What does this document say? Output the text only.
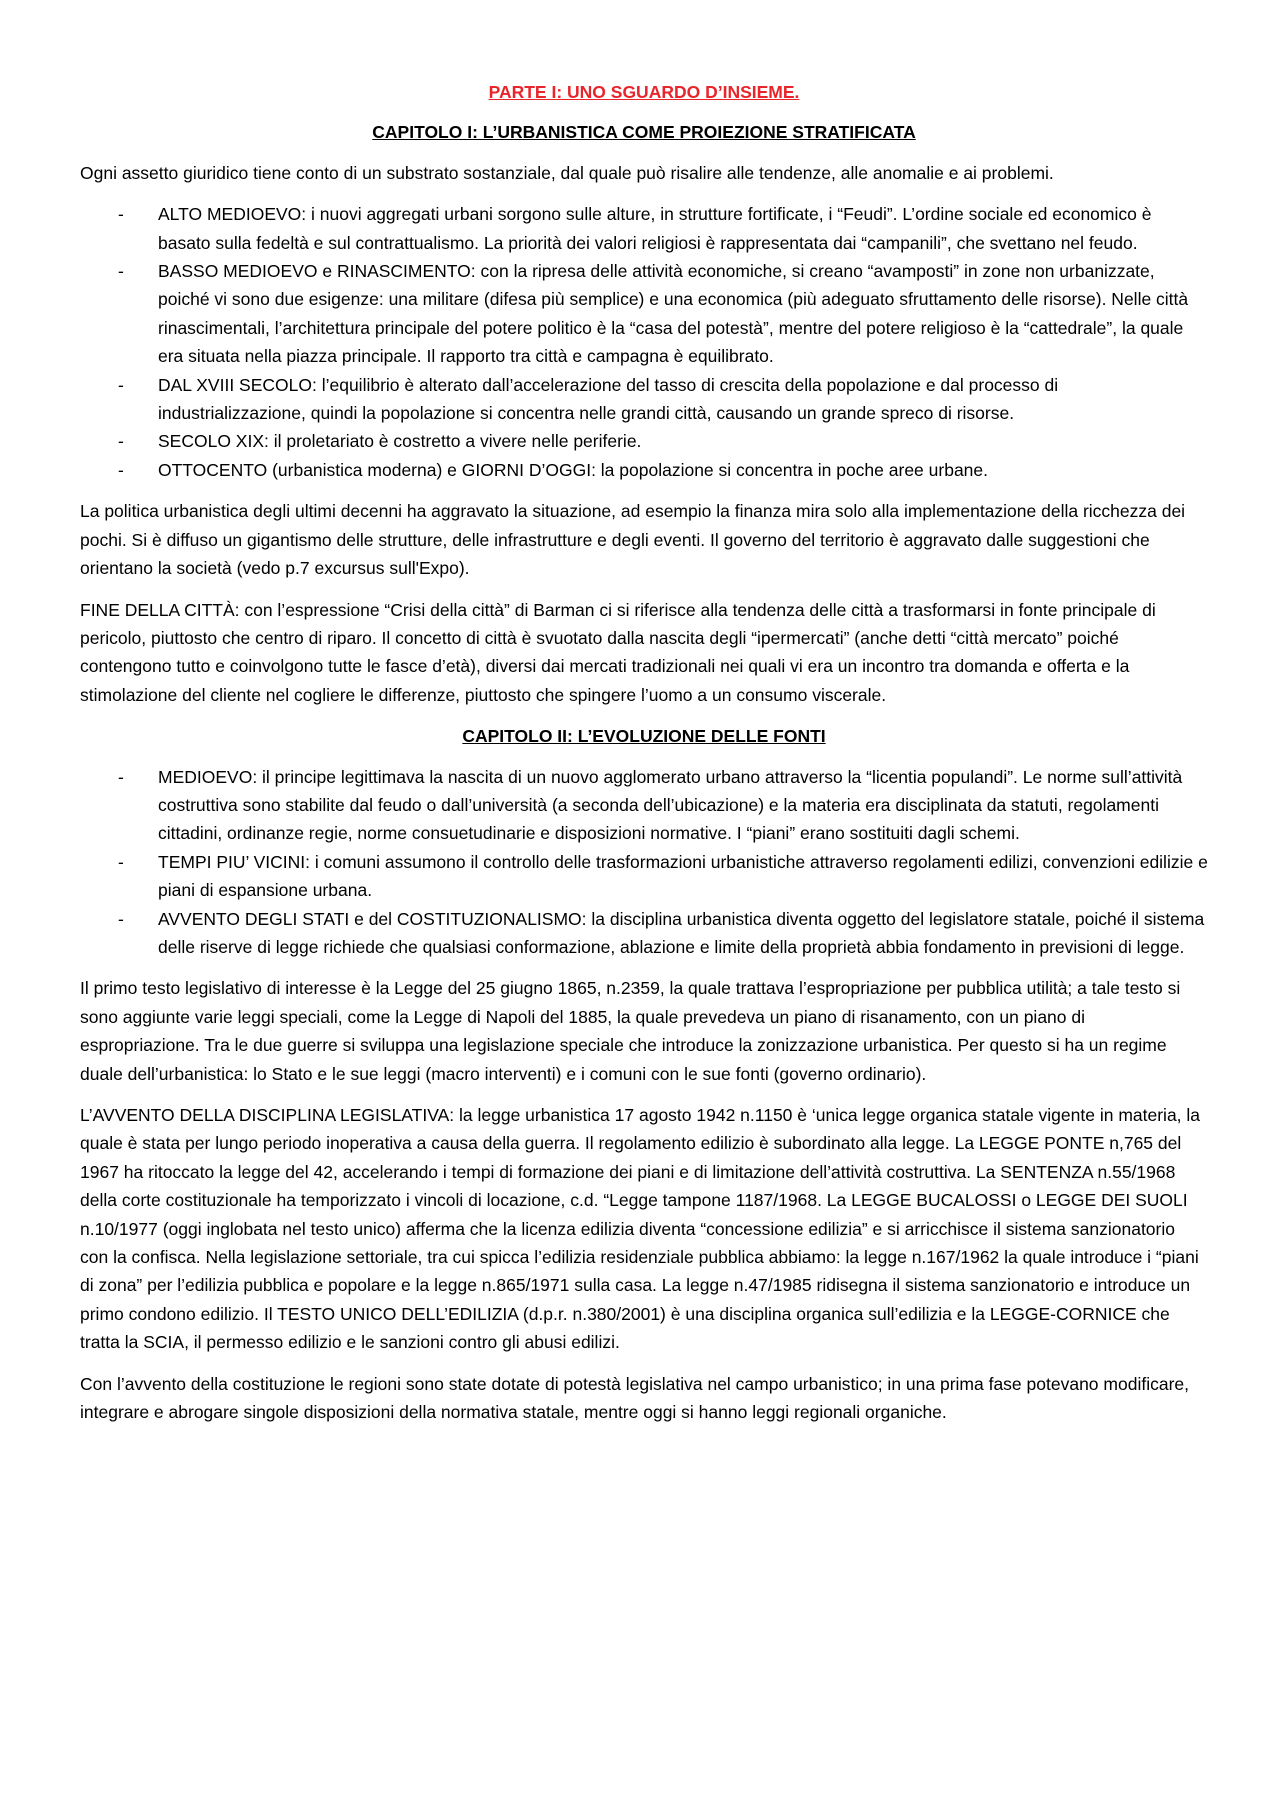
PARTE I: UNO SGUARDO D’INSIEME.
CAPITOLO I: L’URBANISTICA COME PROIEZIONE STRATIFICATA

Ogni assetto giuridico tiene conto di un substrato sostanziale, dal quale può risalire alle tendenze, alle anomalie e ai problemi.

- ALTO MEDIOEVO: i nuovi aggregati urbani sorgono sulle alture, in strutture fortificate, i “Feudi”. L’ordine sociale ed economico è basato sulla fedeltà e sul contrattualismo. La priorità dei valori religiosi è rappresentata dai “campanili”, che svettano nel feudo.
- BASSO MEDIOEVO e RINASCIMENTO: con la ripresa delle attività economiche, si creano “avamposti” in zone non urbanizzate, poiché vi sono due esigenze: una militare (difesa più semplice) e una economica (più adeguato sfruttamento delle risorse). Nelle città rinascimentali, l’architettura principale del potere politico è la “casa del potestà”, mentre del potere religioso è la “cattedrale”, la quale era situata nella piazza principale. Il rapporto tra città e campagna è equilibrato.
- DAL XVIII SECOLO: l’equilibrio è alterato dall’accelerazione del tasso di crescita della popolazione e dal processo di industrializzazione, quindi la popolazione si concentra nelle grandi città, causando un grande spreco di risorse.
- SECOLO XIX: il proletariato è costretto a vivere nelle periferie.
- OTTOCENTO (urbanistica moderna) e GIORNI D’OGGI: la popolazione si concentra in poche aree urbane.

La politica urbanistica degli ultimi decenni ha aggravato la situazione, ad esempio la finanza mira solo alla implementazione della ricchezza dei pochi. Si è diffuso un gigantismo delle strutture, delle infrastrutture e degli eventi. Il governo del territorio è aggravato dalle suggestioni che orientano la società (vedo p.7 excursus sull'Expo).

FINE DELLA CITTÀ: con l’espressione “Crisi della città” di Barman ci si riferisce alla tendenza delle città a trasformarsi in fonte principale di pericolo, piuttosto che centro di riparo. Il concetto di città è svuotato dalla nascita degli “ipermercati” (anche detti “città mercato” poiché contengono tutto e coinvolgono tutte le fasce d’età), diversi dai mercati tradizionali nei quali vi era un incontro tra domanda e offerta e la stimolazione del cliente nel cogliere le differenze, piuttosto che spingere l’uomo a un consumo viscerale.

CAPITOLO II: L’EVOLUZIONE DELLE FONTI
- MEDIOEVO: il principe legittimava la nascita di un nuovo agglomerato urbano attraverso la “licentia populandi”. Le norme sull’attività costruttiva sono stabilite dal feudo o dall’università (a seconda dell’ubicazione) e la materia era disciplinata da statuti, regolamenti cittadini, ordinanze regie, norme consuetudinarie e disposizioni normative. I “piani” erano sostituiti dagli schemi.
- TEMPI PIU’ VICINI: i comuni assumono il controllo delle trasformazioni urbanistiche attraverso regolamenti edilizi, convenzioni edilizie e piani di espansione urbana.
- AVVENTO DEGLI STATI e del COSTITUZIONALISMO: la disciplina urbanistica diventa oggetto del legislatore statale, poiché il sistema delle riserve di legge richiede che qualsiasi conformazione, ablazione e limite della proprietà abbia fondamento in previsioni di legge.

Il primo testo legislativo di interesse è la Legge del 25 giugno 1865, n.2359, la quale trattava l’espropriazione per pubblica utilità; a tale testo si sono aggiunte varie leggi speciali, come la Legge di Napoli del 1885, la quale prevedeva un piano di risanamento, con un piano di espropriazione. Tra le due guerre si sviluppa una legislazione speciale che introduce la zonizzazione urbanistica. Per questo si ha un regime duale dell’urbanistica: lo Stato e le sue leggi (macro interventi) e i comuni con le sue fonti (governo ordinario).

L’AVVENTO DELLA DISCIPLINA LEGISLATIVA: la legge urbanistica 17 agosto 1942 n.1150 è ‘unica legge organica statale vigente in materia, la quale è stata per lungo periodo inoperativa a causa della guerra. Il regolamento edilizio è subordinato alla legge. La LEGGE PONTE n,765 del 1967 ha ritoccato la legge del 42, accelerando i tempi di formazione dei piani e di limitazione dell’attività costruttiva. La SENTENZA n.55/1968 della corte costituzionale ha temporizzato i vincoli di locazione, c.d. “Legge tampone 1187/1968. La LEGGE BUCALOSSI o LEGGE DEI SUOLI n.10/1977 (oggi inglobata nel testo unico) afferma che la licenza edilizia diventa “concessione edilizia” e si arricchisce il sistema sanzionatorio con la confisca. Nella legislazione settoriale, tra cui spicca l’edilizia residenziale pubblica abbiamo: la legge n.167/1962 la quale introduce i “piani di zona” per l’edilizia pubblica e popolare e la legge n.865/1971 sulla casa. La legge n.47/1985 ridisegna il sistema sanzionatorio e introduce un primo condono edilizio. Il TESTO UNICO DELL’EDILIZIA (d.p.r. n.380/2001) è una disciplina organica sull’edilizia e la LEGGE-CORNICE che tratta la SCIA, il permesso edilizio e le sanzioni contro gli abusi edilizi.

Con l’avvento della costituzione le regioni sono state dotate di potestà legislativa nel campo urbanistico; in una prima fase potevano modificare, integrare e abrogare singole disposizioni della normativa statale, mentre oggi si hanno leggi regionali organiche.
